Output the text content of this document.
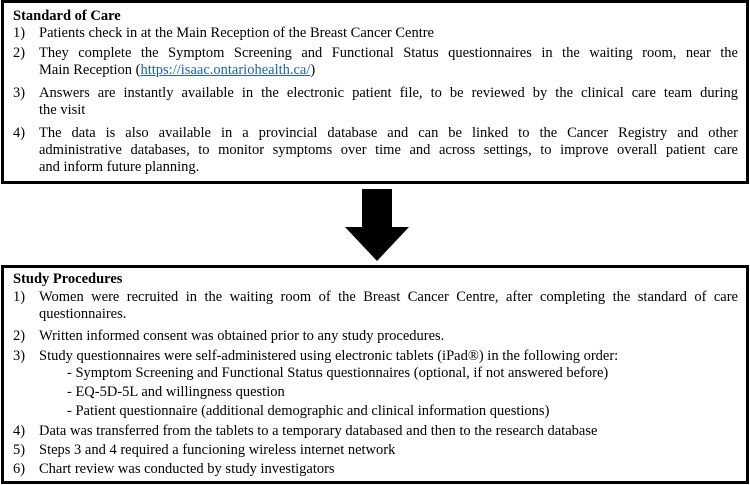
Standard of Care
1) Patients check in at the Main Reception of the Breast Cancer Centre
2) They complete the Symptom Screening and Functional Status questionnaires in the waiting room, near the
Main Reception (https://isaac.ontariohealth.ca/)
3) Answers are instantly available in the electronic patient file, to be reviewed by the clinical care team during
the visit
4) The data is also available in a provincial database and can be linked to the Cancer Registry and other
administrative databases, to monitor symptoms over time and across settings, to improve overall patient care
and inform future planning.
Study Procedures
1) Women were recruited in the waiting room of the Breast Cancer Centre, after completing the standard of care
questionnaires.
2) Written informed consent was obtained prior to any study procedures.
3) Study questionnaires were self-administered using electronic tablets (iPad®) in the following order:
- Symptom Screening and Functional Status questionnaires (optional, if not answered before)
- EQ-5D-5L and willingness question
- Patient questionnaire (additional demographic and clinical information questions)
4) Data was transferred from the tablets to a temporary databased and then to the research database
5) Steps 3 and 4 required a funcioning wireless internet network
6) Chart review was conducted by study investigators
